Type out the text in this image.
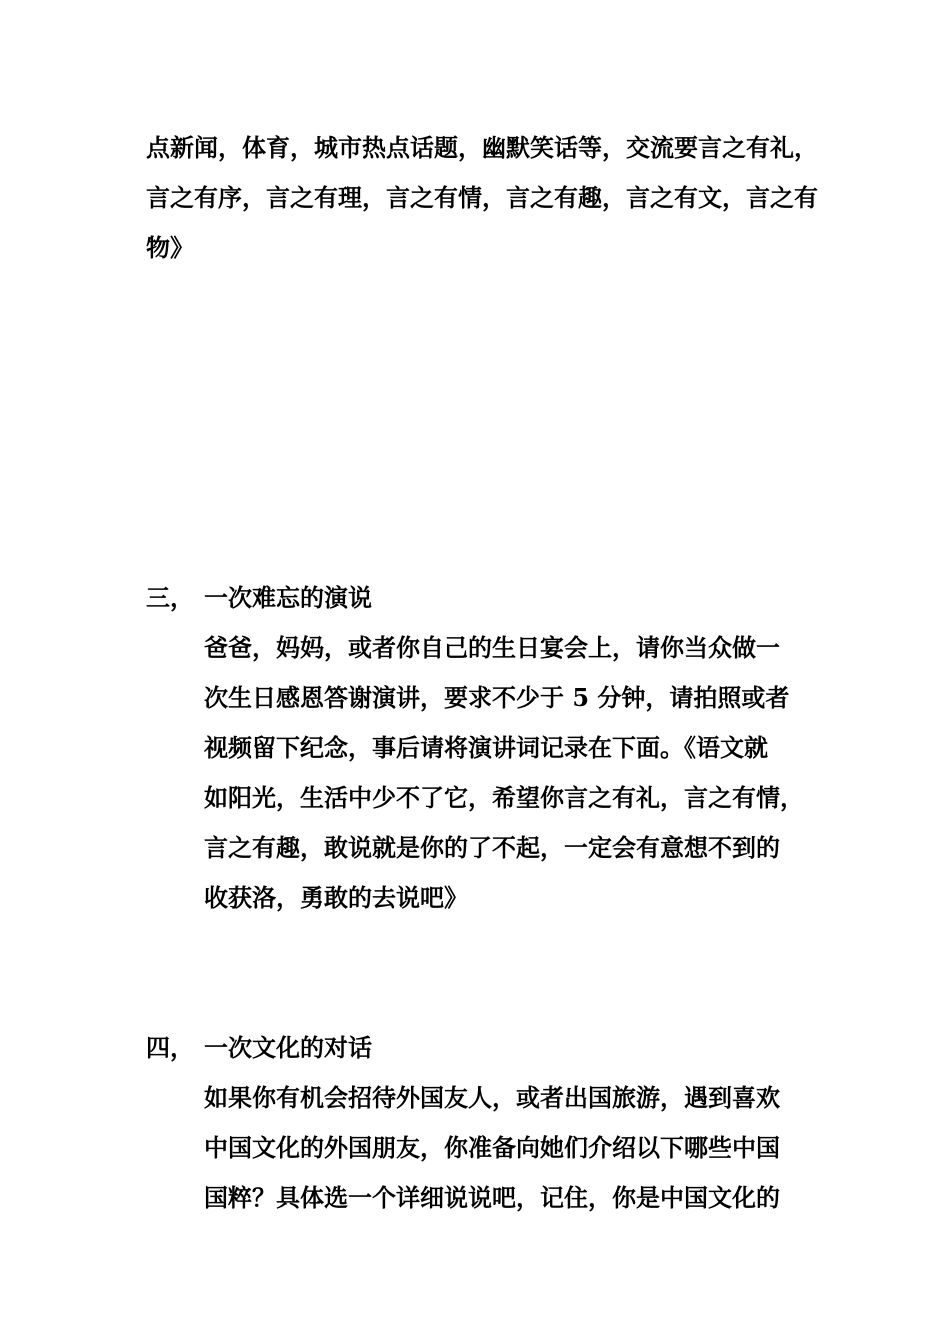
点新闻，体育，城市热点话题，幽默笑话等，交流要言之有礼，
言之有序，言之有理，言之有情，言之有趣，言之有文，言之有
物》
三， 一次难忘的演说
爸爸，妈妈，或者你自己的生日宴会上，请你当众做一
次生日感恩答谢演讲，要求不少于 5 分钟，请拍照或者
视频留下纪念，事后请将演讲词记录在下面。《语文就
如阳光，生活中少不了它，希望你言之有礼，言之有情，
言之有趣，敢说就是你的了不起，一定会有意想不到的
收获洛，勇敢的去说吧》
四， 一次文化的对话
如果你有机会招待外国友人，或者出国旅游，遇到喜欢
中国文化的外国朋友，你准备向她们介绍以下哪些中国
国粹？具体选一个详细说说吧，记住，你是中国文化的
